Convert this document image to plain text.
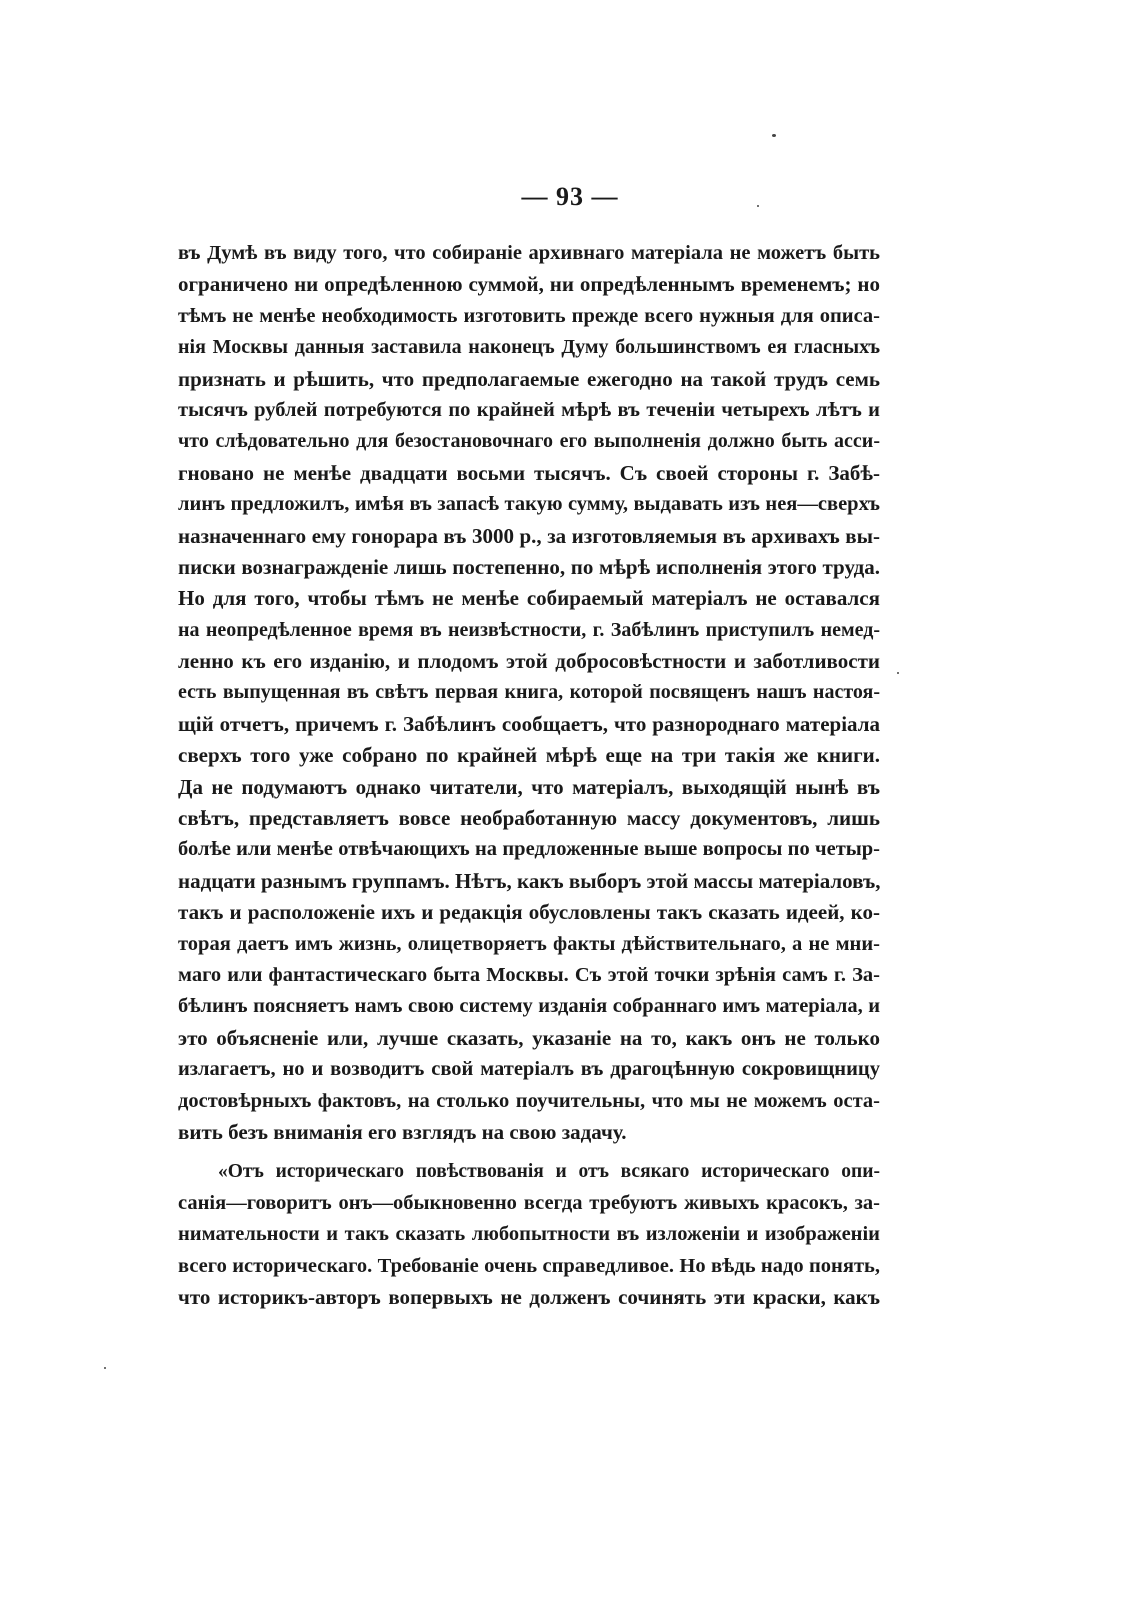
— 93 —
въ Думѣ въ виду того, что собираніе архивнаго матеріала не можетъ быть
ограничено ни опредѣленною суммой, ни опредѣленнымъ временемъ; но
тѣмъ не менѣе необходимость изготовить прежде всего нужныя для описа-
нія Москвы данныя заставила наконецъ Думу большинствомъ ея гласныхъ
признать и рѣшить, что предполагаемые ежегодно на такой трудъ семь
тысячъ рублей потребуются по крайней мѣрѣ въ теченіи четырехъ лѣтъ и
что слѣдовательно для безостановочнаго его выполненія должно быть асси-
гновано не менѣе двадцати восьми тысячъ. Съ своей стороны г. Забѣ-
линъ предложилъ, имѣя въ запасѣ такую сумму, выдавать изъ нея—сверхъ
назначеннаго ему гонорара въ 3000 р., за изготовляемыя въ архивахъ вы-
писки вознагражденіе лишь постепенно, по мѣрѣ исполненія этого труда.
Но для того, чтобы тѣмъ не менѣе собираемый матеріалъ не оставался
на неопредѣленное время въ неизвѣстности, г. Забѣлинъ приступилъ немед-
ленно къ его изданію, и плодомъ этой добросовѣстности и заботливости
есть выпущенная въ свѣтъ первая книга, которой посвященъ нашъ настоя-
щій отчетъ, причемъ г. Забѣлинъ сообщаетъ, что разнороднаго матеріала
сверхъ того уже собрано по крайней мѣрѣ еще на три такія же книги.
Да не подумаютъ однако читатели, что матеріалъ, выходящій нынѣ въ
свѣтъ, представляетъ вовсе необработанную массу документовъ, лишь
болѣе или менѣе отвѣчающихъ на предложенные выше вопросы по четыр-
надцати разнымъ группамъ. Нѣтъ, какъ выборъ этой массы матеріаловъ,
такъ и расположеніе ихъ и редакція обусловлены такъ сказать идеей, ко-
торая даетъ имъ жизнь, олицетворяетъ факты дѣйствительнаго, а не мни-
маго или фантастическаго быта Москвы. Съ этой точки зрѣнія самъ г. За-
бѣлинъ поясняетъ намъ свою систему изданія собраннаго имъ матеріала, и
это объясненіе или, лучше сказать, указаніе на то, какъ онъ не только
излагаетъ, но и возводитъ свой матеріалъ въ драгоцѣнную сокровищницу
достовѣрныхъ фактовъ, на столько поучительны, что мы не можемъ оста-
вить безъ вниманія его взглядъ на свою задачу.
«Отъ историческаго повѣствованія и отъ всякаго историческаго опи-
санія—говоритъ онъ—обыкновенно всегда требуютъ живыхъ красокъ, за-
нимательности и такъ сказать любопытности въ изложеніи и изображеніи
всего историческаго. Требованіе очень справедливое. Но вѣдь надо понять,
что историкъ-авторъ вопервыхъ не долженъ сочинять эти краски, какъ
